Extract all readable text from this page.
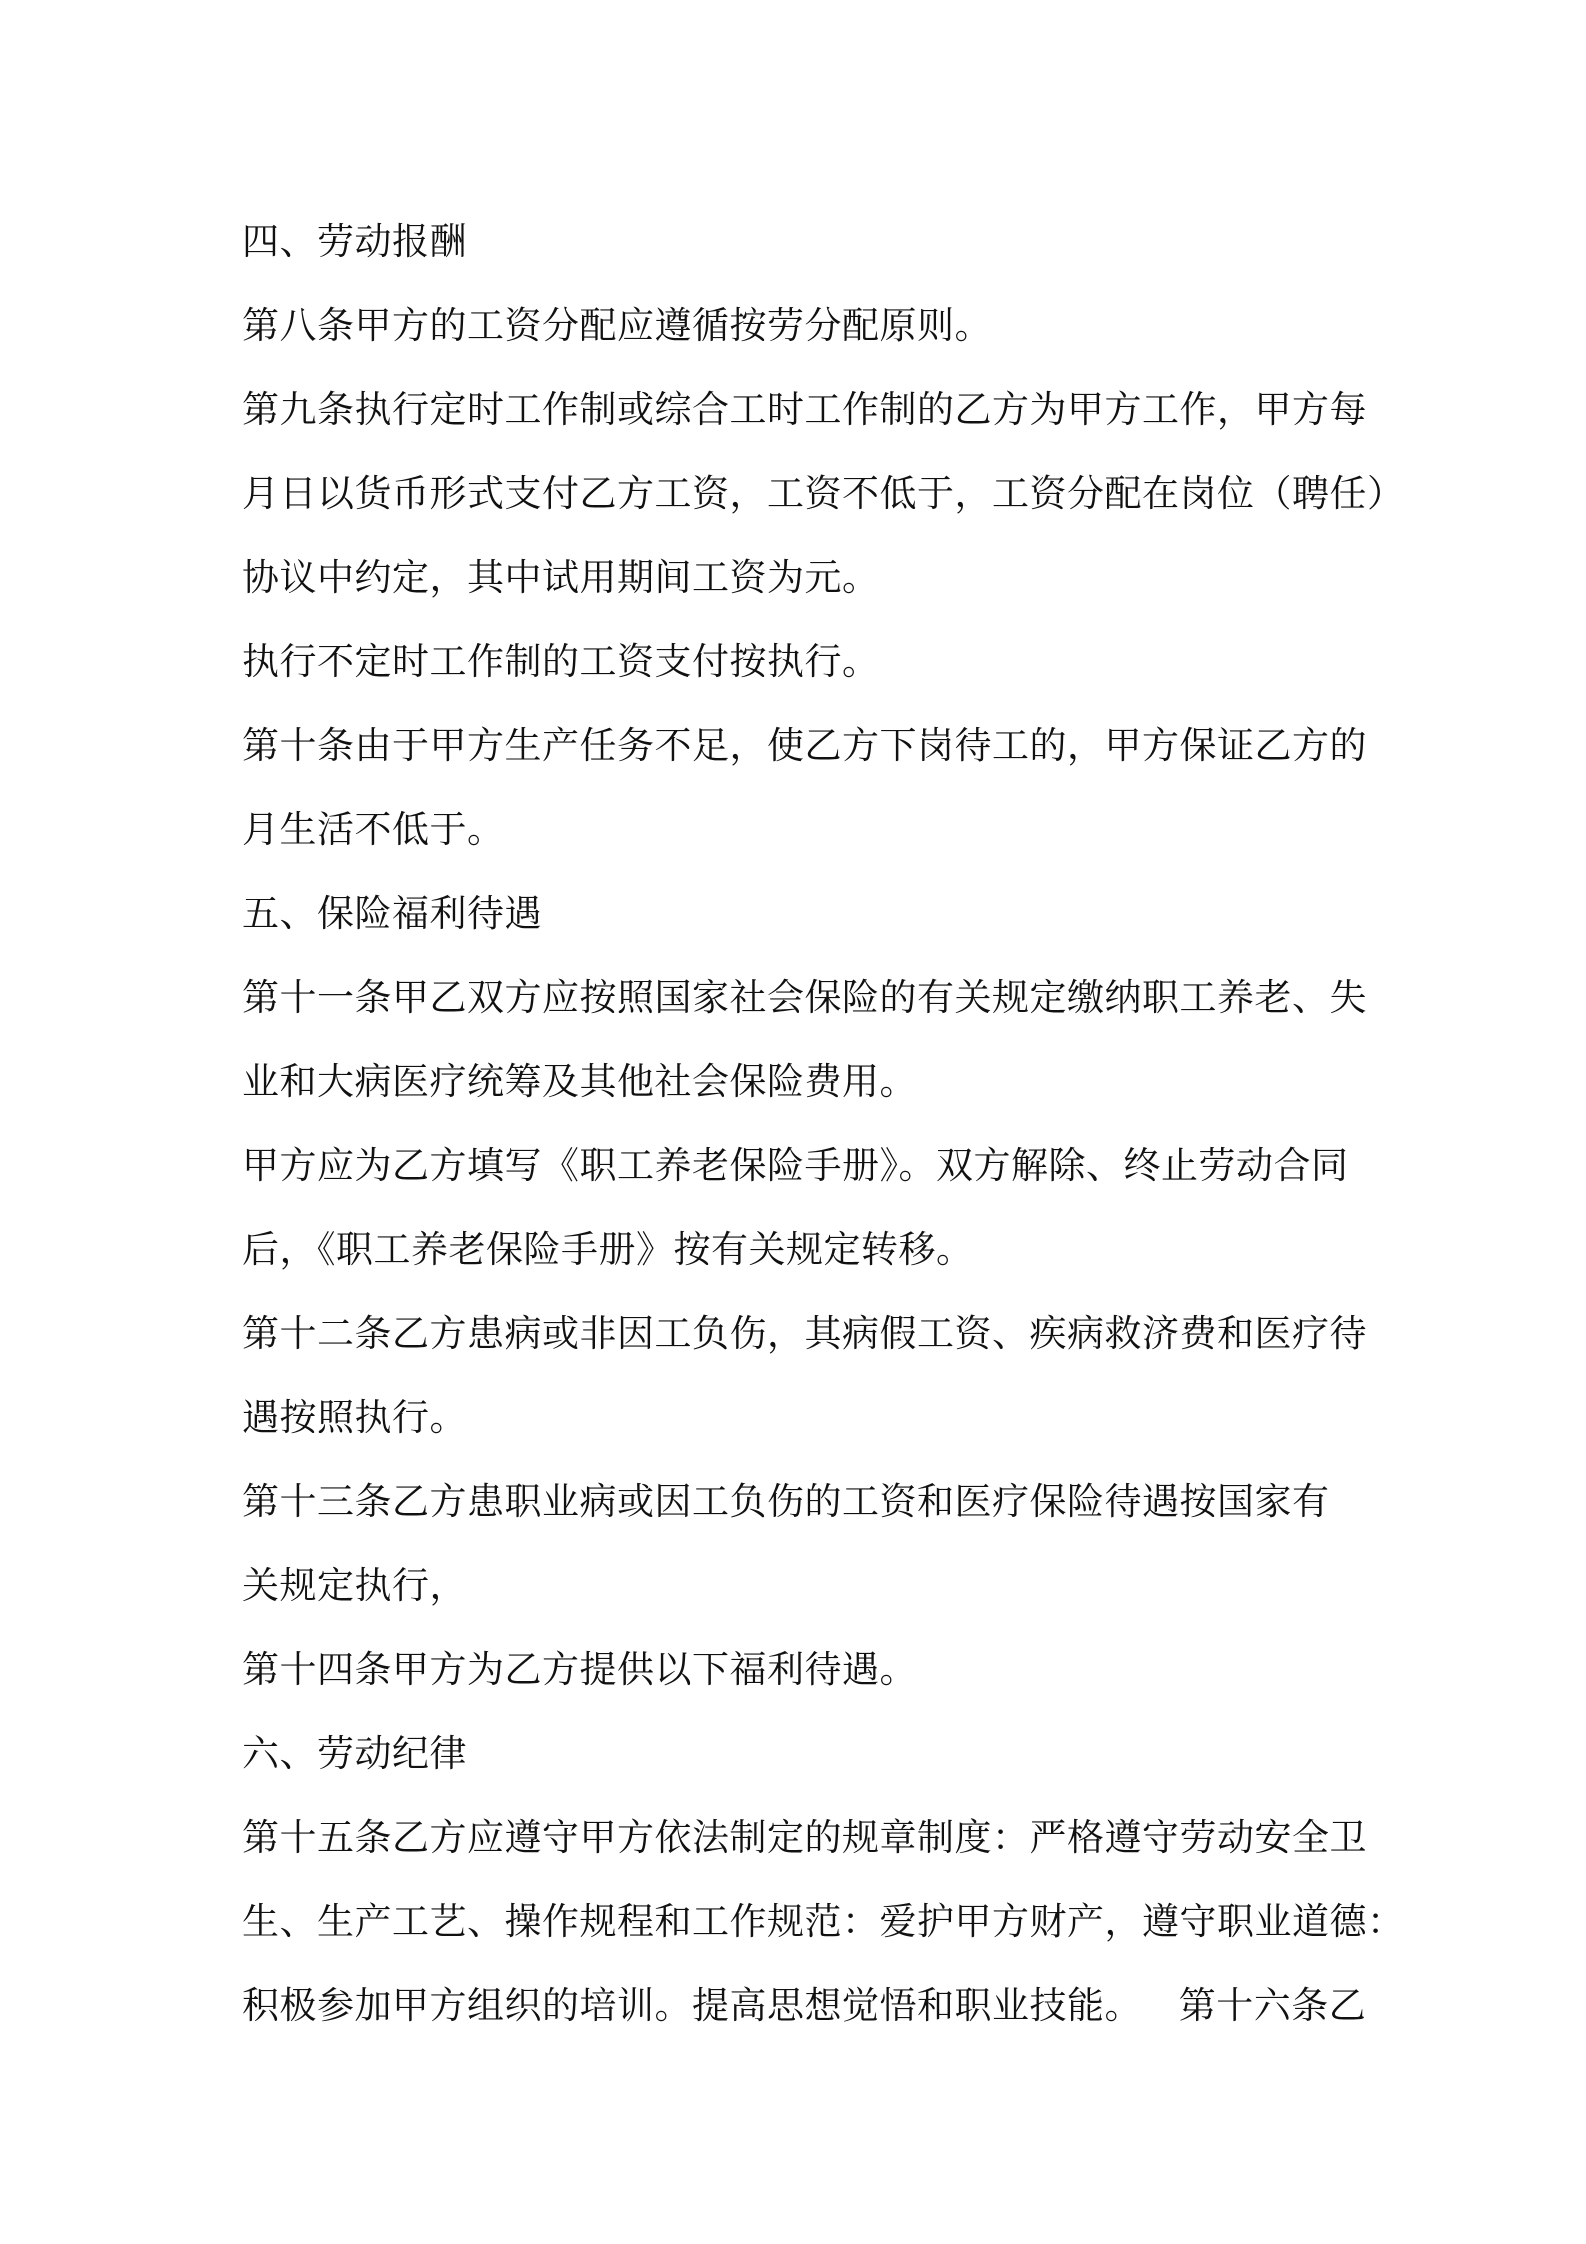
四、劳动报酬
第八条甲方的工资分配应遵循按劳分配原则。
第九条执行定时工作制或综合工时工作制的乙方为甲方工作，甲方每
月日以货币形式支付乙方工资，工资不低于，工资分配在岗位（聘任）
协议中约定，其中试用期间工资为元。
执行不定时工作制的工资支付按执行。
第十条由于甲方生产任务不足，使乙方下岗待工的，甲方保证乙方的
月生活不低于。
五、保险福利待遇
第十一条甲乙双方应按照国家社会保险的有关规定缴纳职工养老、失
业和大病医疗统筹及其他社会保险费用。
甲方应为乙方填写《职工养老保险手册》。双方解除、终止劳动合同
后，《职工养老保险手册》按有关规定转移。
第十二条乙方患病或非因工负伤，其病假工资、疾病救济费和医疗待
遇按照执行。
第十三条乙方患职业病或因工负伤的工资和医疗保险待遇按国家有
关规定执行，
第十四条甲方为乙方提供以下福利待遇。
六、劳动纪律
第十五条乙方应遵守甲方依法制定的规章制度：严格遵守劳动安全卫
生、生产工艺、操作规程和工作规范：爱护甲方财产，遵守职业道德：
积极参加甲方组织的培训。提高思想觉悟和职业技能。   第十六条乙
